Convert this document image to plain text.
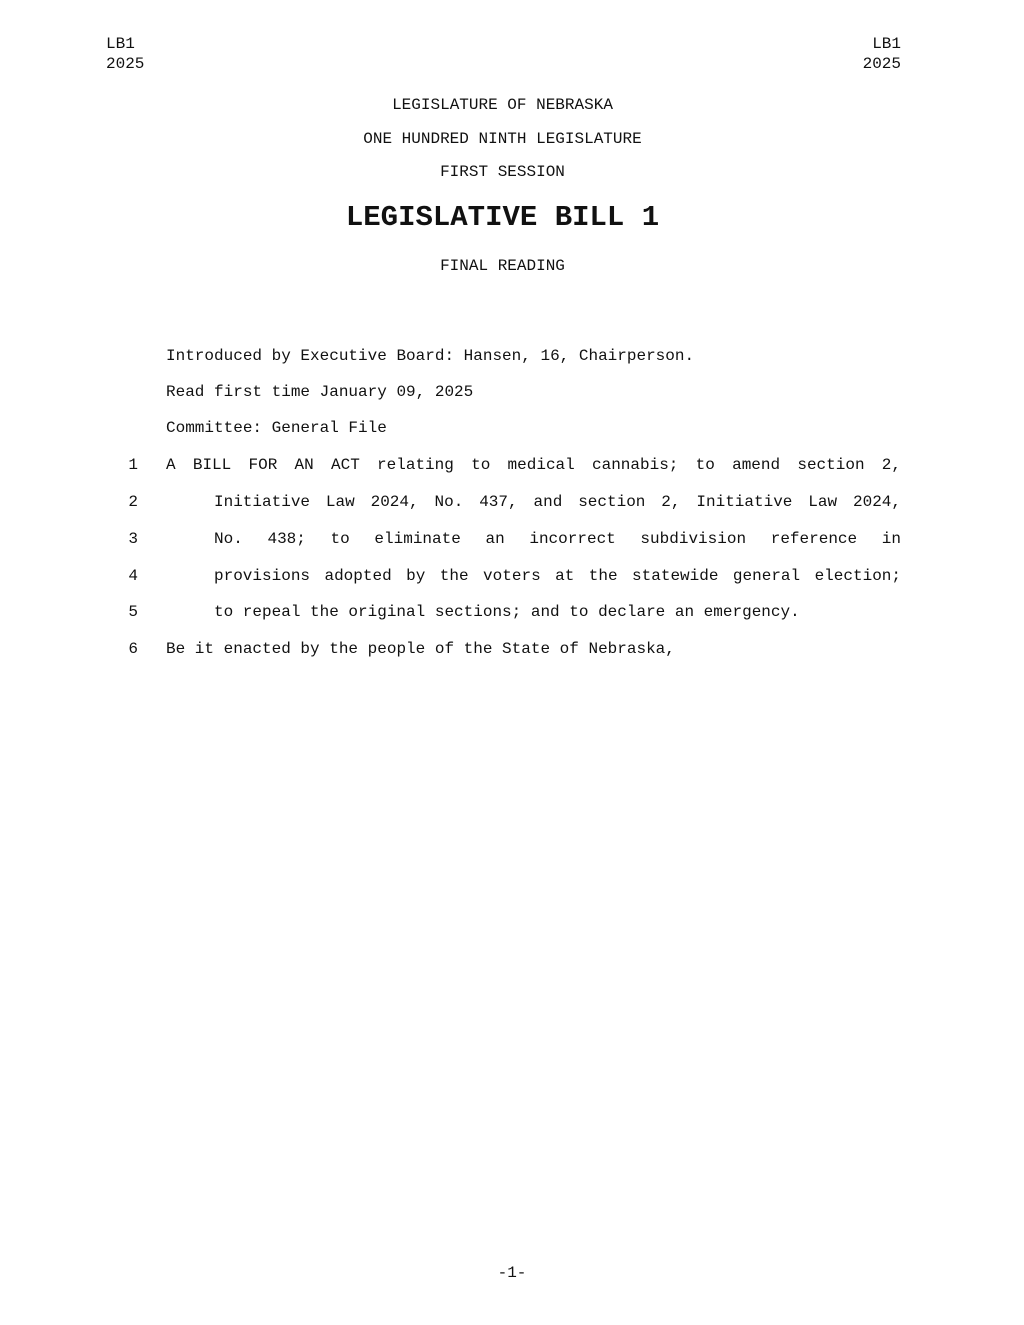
LB1
2025
LB1
2025
LEGISLATURE OF NEBRASKA
ONE HUNDRED NINTH LEGISLATURE
FIRST SESSION
LEGISLATIVE BILL 1
FINAL READING
Introduced by Executive Board: Hansen, 16, Chairperson.
Read first time January 09, 2025
Committee: General File
1 A BILL FOR AN ACT relating to medical cannabis; to amend section 2,
2	Initiative Law 2024, No. 437, and section 2, Initiative Law 2024,
3	No. 438; to eliminate an incorrect subdivision reference in
4	provisions adopted by the voters at the statewide general election;
5	to repeal the original sections; and to declare an emergency.
6 Be it enacted by the people of the State of Nebraska,
-1-
